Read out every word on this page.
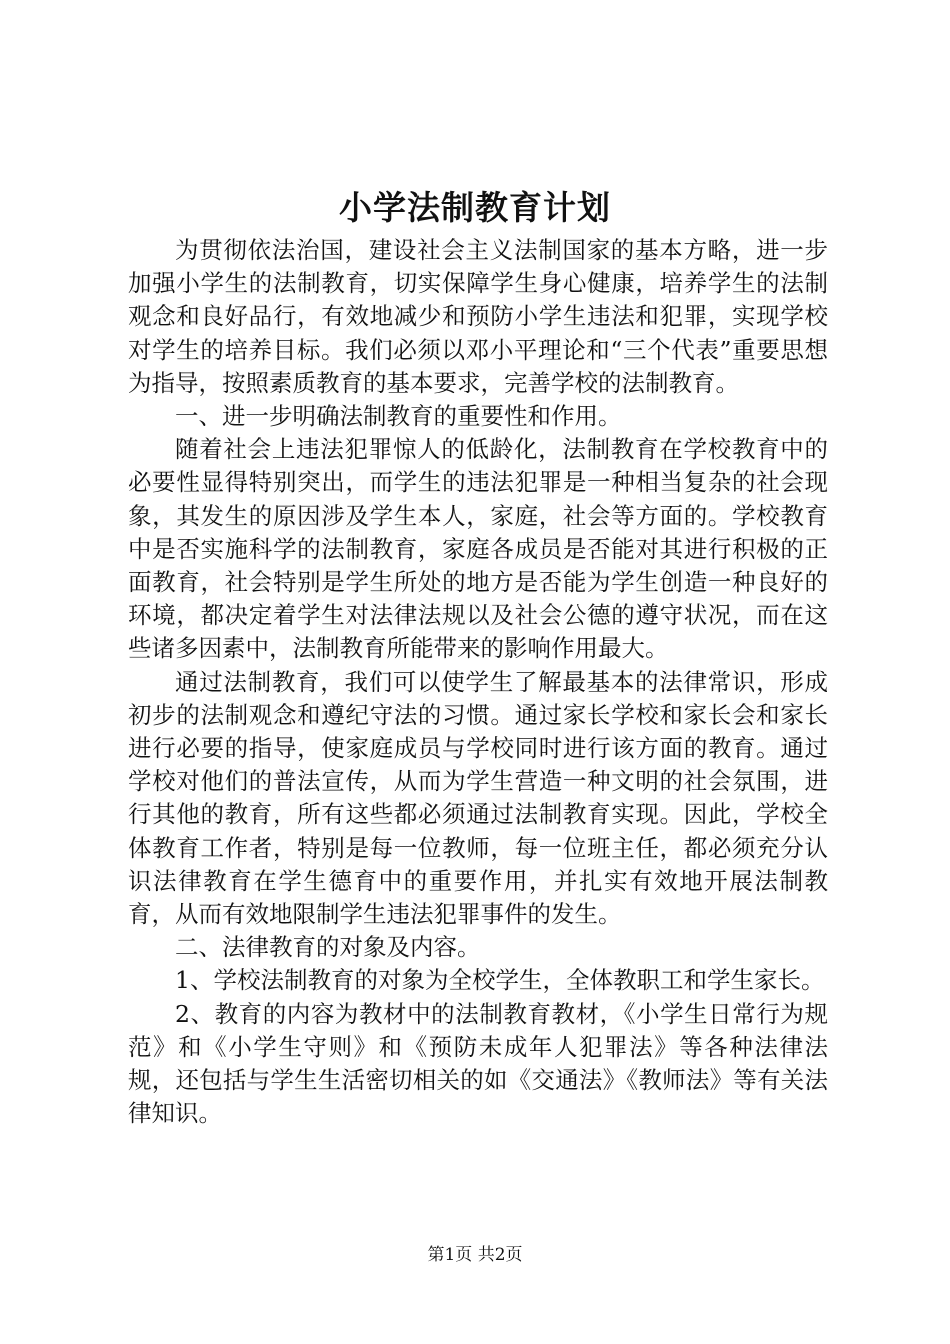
小学法制教育计划

为贯彻依法治国，建设社会主义法制国家的基本方略，进一步加强小学生的法制教育，切实保障学生身心健康，培养学生的法制观念和良好品行，有效地减少和预防小学生违法和犯罪，实现学校对学生的培养目标。我们必须以邓小平理论和“三个代表”重要思想为指导，按照素质教育的基本要求，完善学校的法制教育。

一、进一步明确法制教育的重要性和作用。

随着社会上违法犯罪惊人的低龄化，法制教育在学校教育中的必要性显得特别突出，而学生的违法犯罪是一种相当复杂的社会现象，其发生的原因涉及学生本人，家庭，社会等方面的。学校教育中是否实施科学的法制教育，家庭各成员是否能对其进行积极的正面教育，社会特别是学生所处的地方是否能为学生创造一种良好的环境，都决定着学生对法律法规以及社会公德的遵守状况，而在这些诸多因素中，法制教育所能带来的影响作用最大。

通过法制教育，我们可以使学生了解最基本的法律常识，形成初步的法制观念和遵纪守法的习惯。通过家长学校和家长会和家长进行必要的指导，使家庭成员与学校同时进行该方面的教育。通过学校对他们的普法宣传，从而为学生营造一种文明的社会氛围，进行其他的教育，所有这些都必须通过法制教育实现。因此，学校全体教育工作者，特别是每一位教师，每一位班主任，都必须充分认识法律教育在学生德育中的重要作用，并扎实有效地开展法制教育，从而有效地限制学生违法犯罪事件的发生。

二、法律教育的对象及内容。

1、学校法制教育的对象为全校学生，全体教职工和学生家长。

2、教育的内容为教材中的法制教育教材，《小学生日常行为规范》和《小学生守则》和《预防未成年人犯罪法》等各种法律法规，还包括与学生生活密切相关的如《交通法》《教师法》等有关法律知识。

第1页 共2页
